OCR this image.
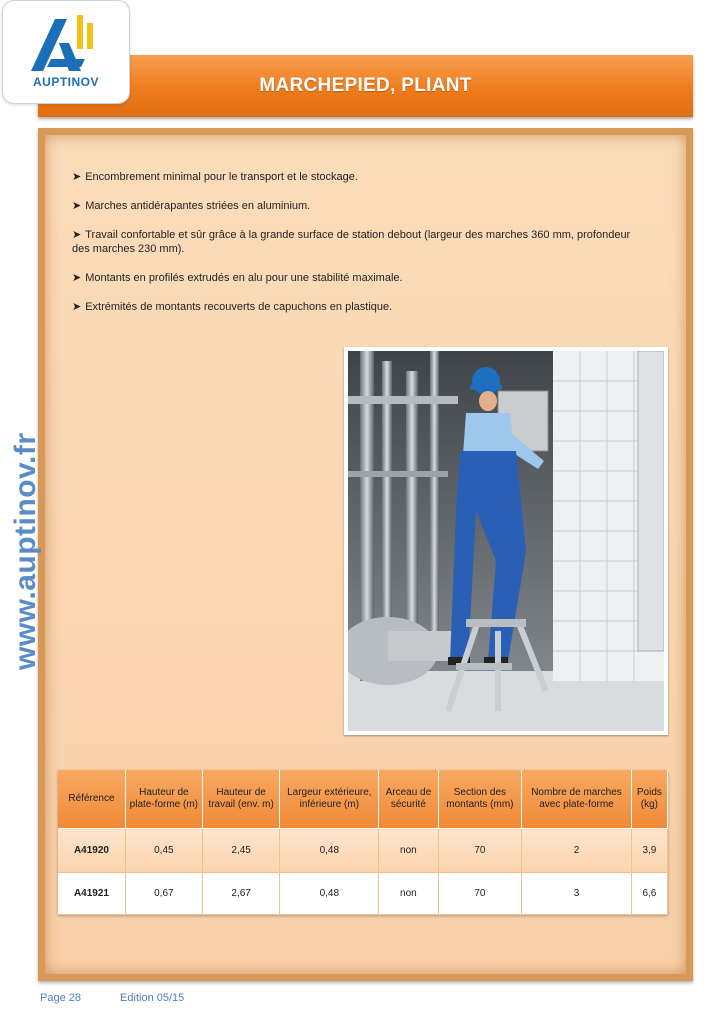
AUPTINOV	MARCHEPIED, PLIANT
➤ Encombrement minimal pour le transport et le stockage.
➤ Marches antidérapantes striées en aluminium.
➤ Travail confortable et sûr grâce à la grande surface de station debout (largeur des marches 360 mm, profondeur des marches 230 mm).
➤ Montants en profilés extrudés en alu pour une stabilité maximale.
➤ Extrémités de montants recouverts de capuchons en plastique.
www.auptinov.fr
Référence	Hauteur de plate-forme (m)	Hauteur de travail (env. m)	Largeur extérieure, inférieure (m)	Arceau de sécurité	Section des montants (mm)	Nombre de marches avec plate-forme	Poids (kg)
A41920	0,45	2,45	0,48	non	70	2	3,9
A41921	0,67	2,67	0,48	non	70	3	6,6
Page 28	Edition 05/15
